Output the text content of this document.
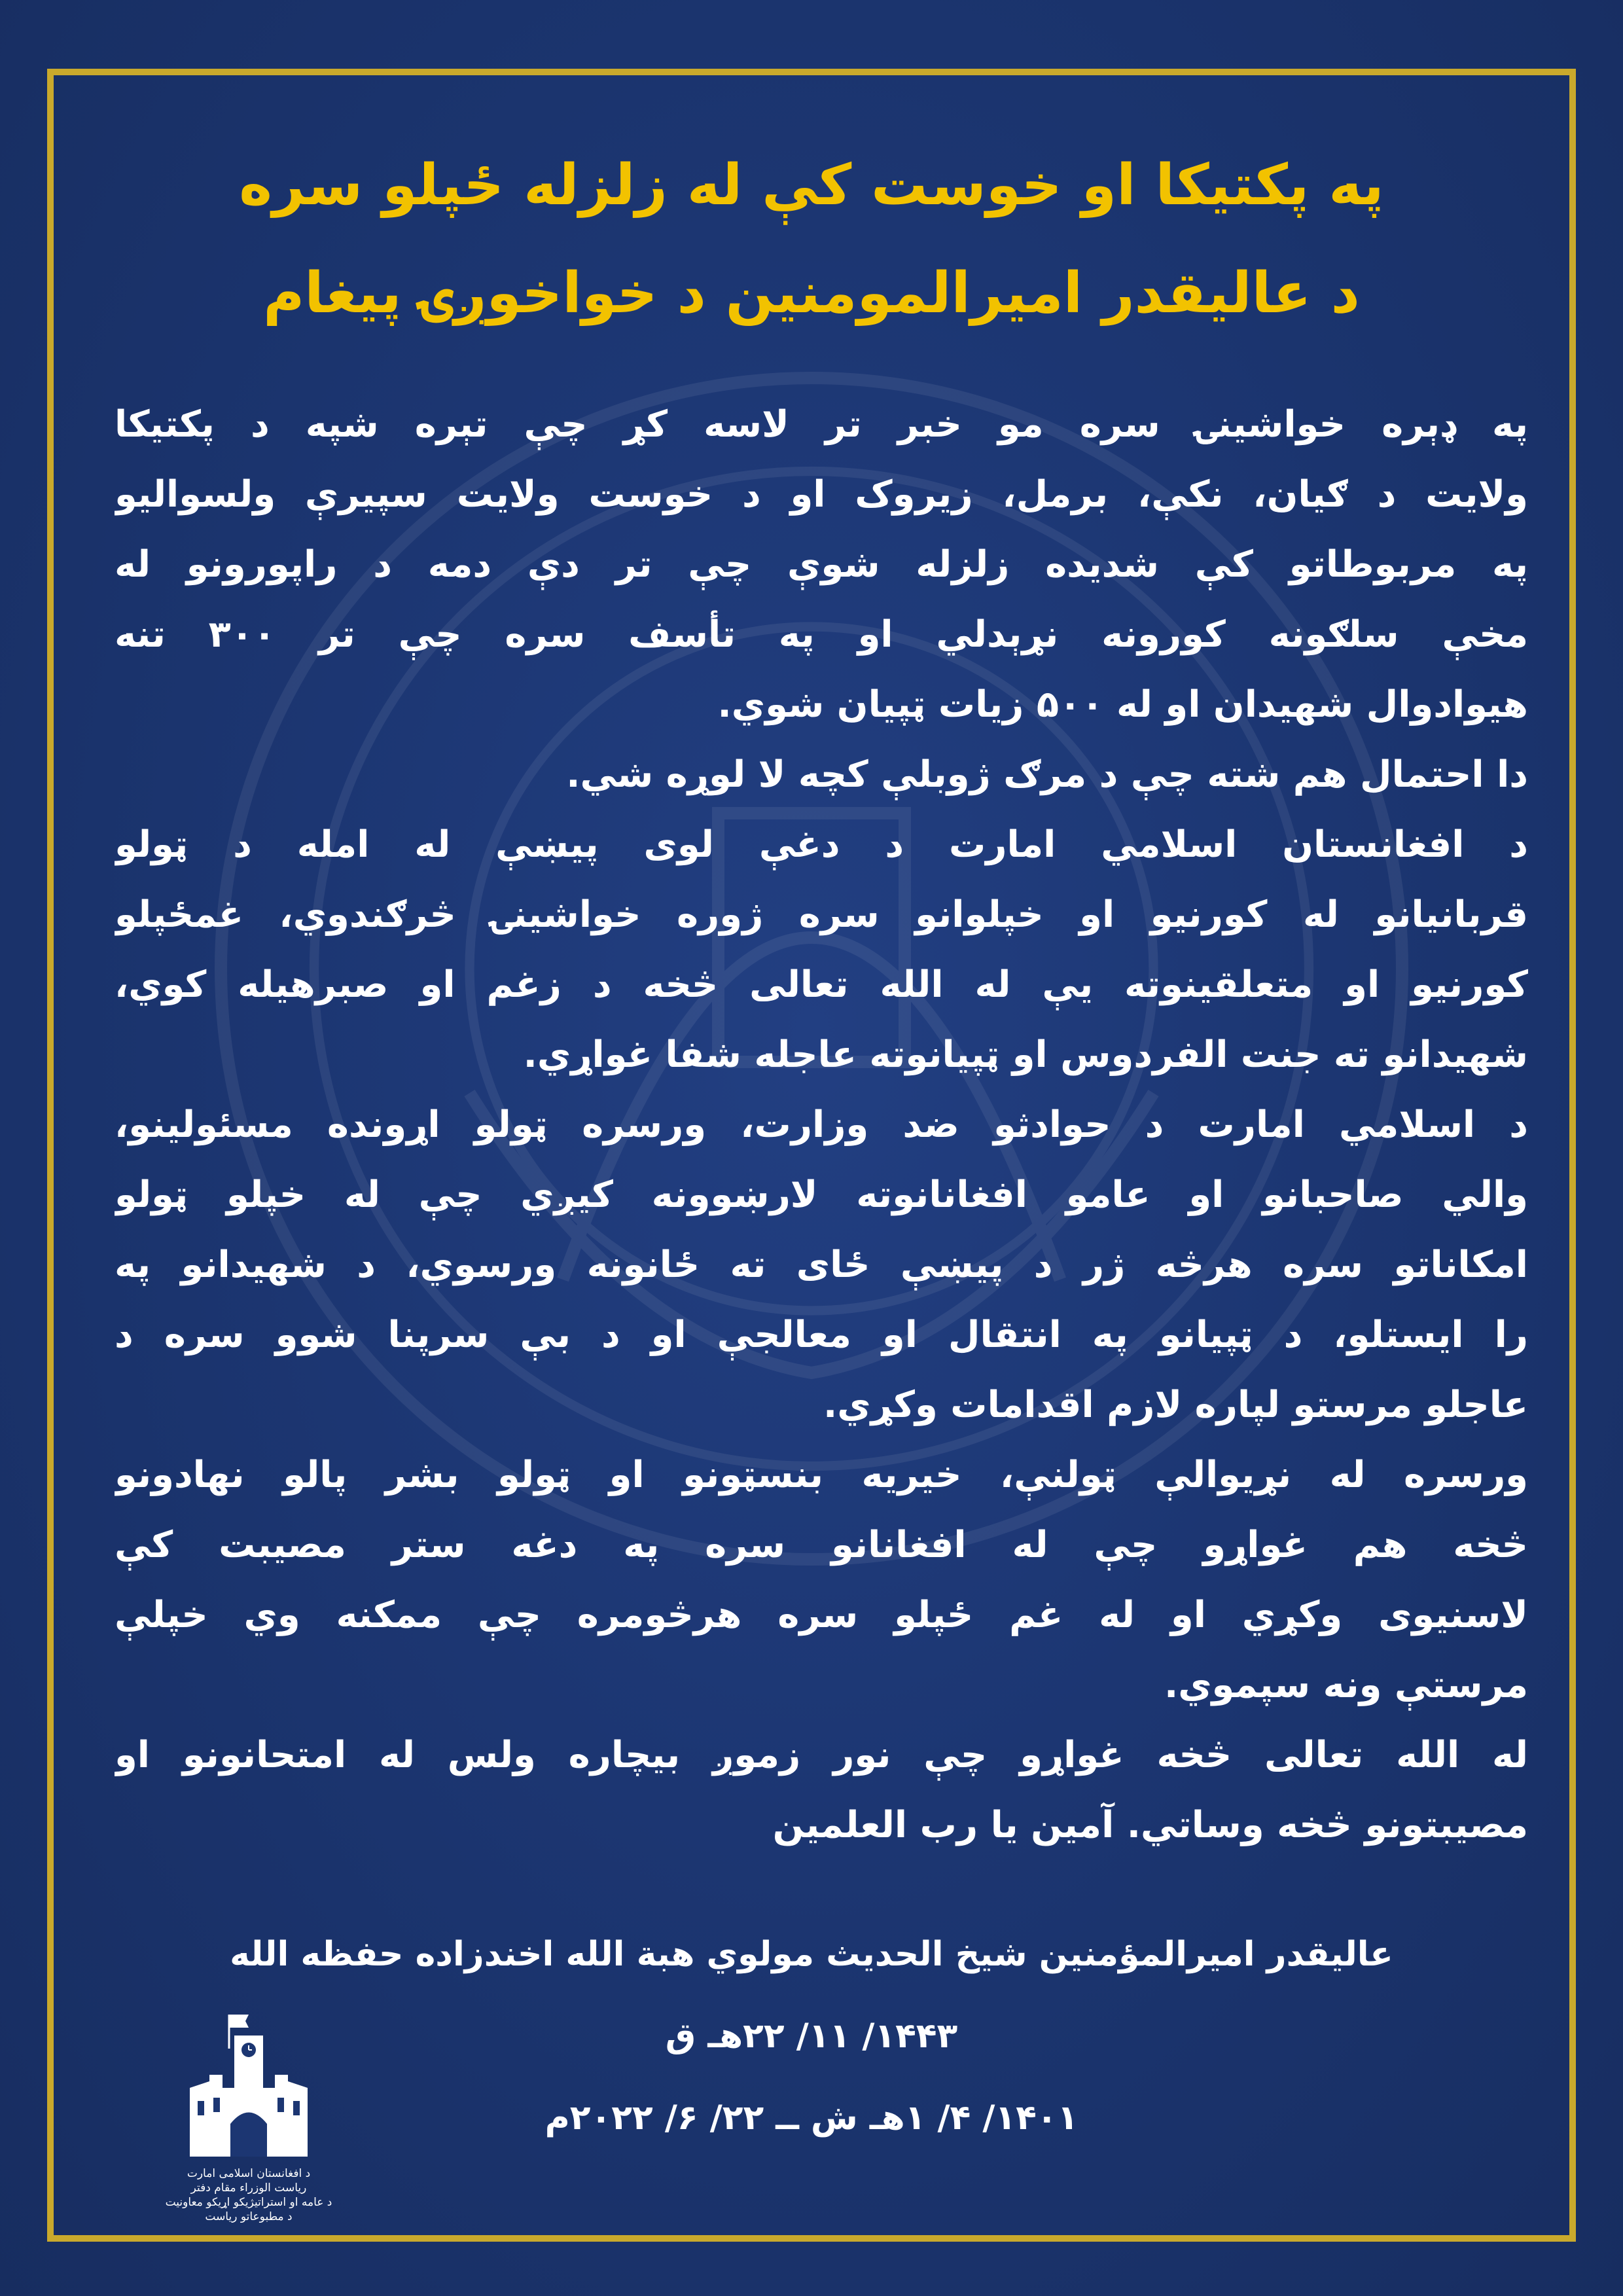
په پکتیکا او خوست کې له زلزله ځپلو سره
د عالیقدر امیرالمومنین د خواخوږۍ پیغام
په ډېره خواشینۍ سره مو خبر تر لاسه کړ چې تېره شپه د پکتیکا
ولایت د ګیان، نکې، برمل، زیروک او د خوست ولایت سپیرې ولسوالیو
په مربوطاتو کې شدیده زلزله شوې چې تر دې دمه د راپورونو له
مخې سلګونه کورونه نړېدلي او په تأسف سره چې تر ۳۰۰ تنه
هیوادوال شهیدان او له ۵۰۰ زیات ټپیان شوي.
دا احتمال هم شته چې د مرګ ژوبلې کچه لا لوړه شي.
د افغانستان اسلامي امارت د دغې لوی پیښې له امله د ټولو
قربانیانو له کورنیو او خپلوانو سره ژوره خواشینۍ څرګندوي، غمځپلو
کورنیو او متعلقینوته یې له الله تعالی څخه د زغم او صبرهیله کوي،
شهیدانو ته جنت الفردوس او ټپیانوته عاجله شفا غواړي.
د اسلامي امارت د حوادثو ضد وزارت، ورسره ټولو اړونده مسئولینو،
والي صاحبانو او عامو افغانانوته لارښوونه کیږي چې له خپلو ټولو
امکاناتو سره هرڅه ژر د پیښې ځای ته ځانونه ورسوي، د شهیدانو په
را ایستلو، د ټپیانو په انتقال او معالجې او د بې سرپنا شوو سره د
عاجلو مرستو لپاره لازم اقدامات وکړي.
ورسره له نړیوالې ټولنې، خیریه بنسټونو او ټولو بشر پالو نهادونو
څخه هم غواړو چې له افغانانو سره په دغه ستر مصیبت کې
لاسنیوی وکړي او له غم ځپلو سره هرڅومره چې ممکنه وي خپلې
مرستې ونه سپموي.
له الله تعالی څخه غواړو چې نور زموږ بیچاره ولس له امتحانونو او
مصیبتونو څخه وساتي. آمین یا رب العلمین
عالیقدر امیرالمؤمنین شیخ الحدیث مولوي هبة الله اخندزاده حفظه الله
۱۴۴۳/ ۱۱/ ۲۲هـ ق
۱۴۰۱/ ۴/ ۱هـ ش ــ ۲۲/ ۶/ ۲۰۲۲م
د افغانستان اسلامی امارت
ریاست الوزراء مقام دفتر
د عامه او استراتیژیکو اړیکو معاونیت
د مطبوعاتو ریاست
